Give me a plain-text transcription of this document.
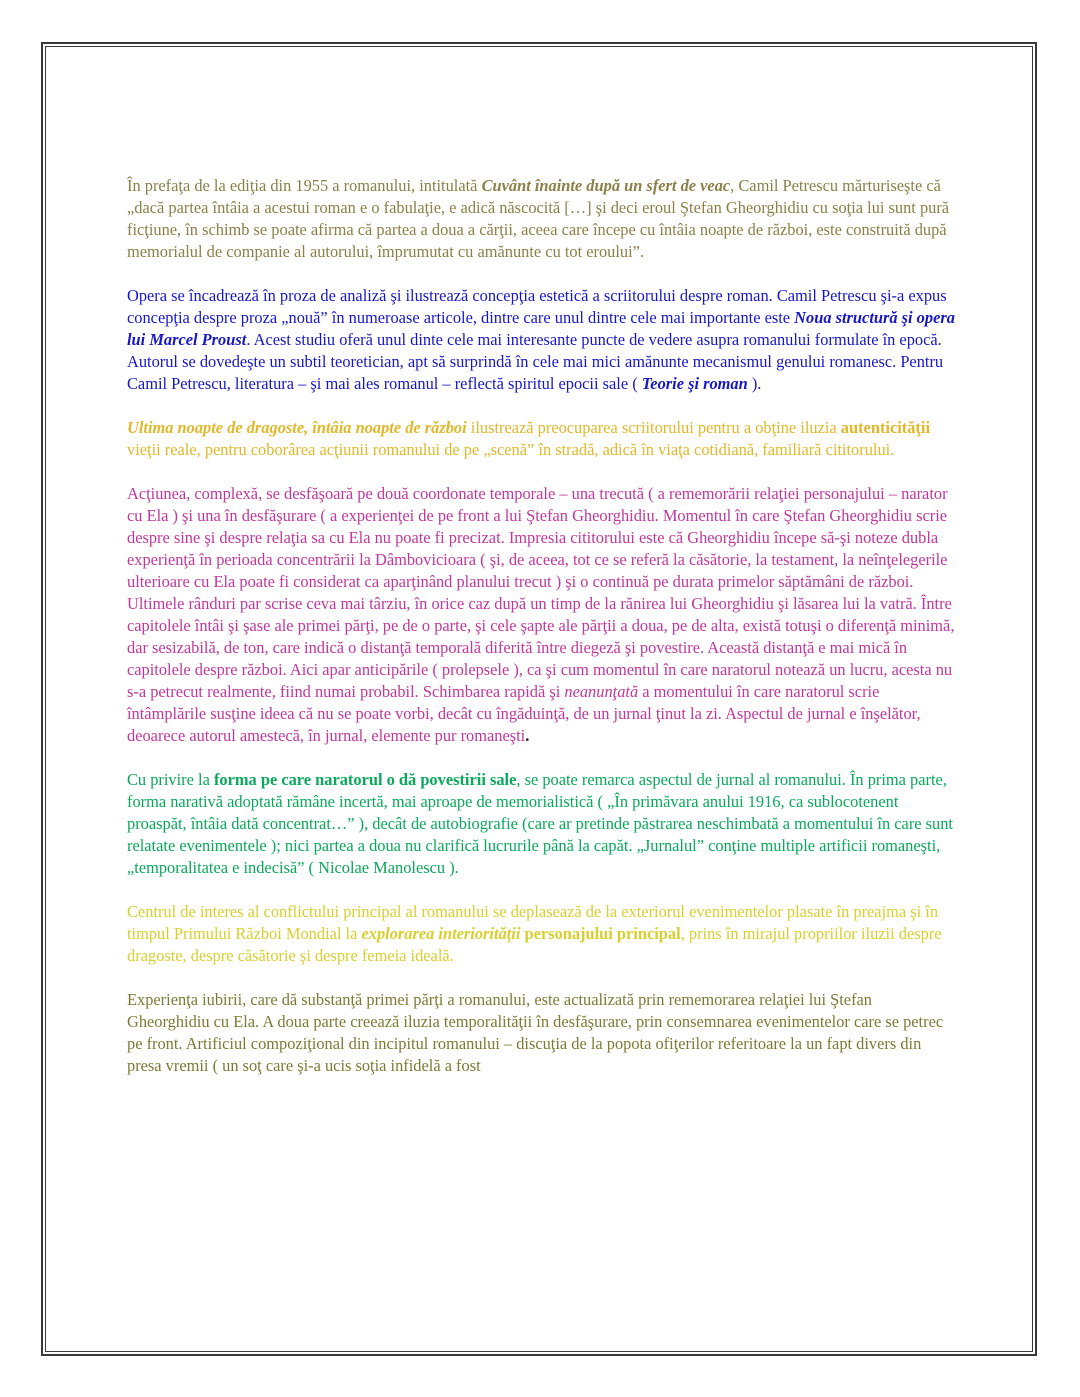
În prefaţa de la ediţia din 1955 a romanului, intitulată Cuvânt înainte după un sfert de veac, Camil Petrescu mărturiseşte că „dacă partea întâia a acestui roman e o fabulaţie, e adică născocită […] şi deci eroul Ştefan Gheorghidiu cu soţia lui sunt pură ficţiune, în schimb se poate afirma că partea a doua a cărţii, aceea care începe cu întâia noapte de război, este construită după memorialul de companie al autorului, împrumutat cu amănunte cu tot eroului”.

Opera se încadrează în proza de analiză şi ilustrează concepţia estetică a scriitorului despre roman. Camil Petrescu şi-a expus concepţia despre proza „nouă” în numeroase articole, dintre care unul dintre cele mai importante este Noua structură şi opera lui Marcel Proust. Acest studiu oferă unul dinte cele mai interesante puncte de vedere asupra romanului formulate în epocă. Autorul se dovedeşte un subtil teoretician, apt să surprindă în cele mai mici amănunte mecanismul genului romanesc. Pentru Camil Petrescu, literatura – şi mai ales romanul – reflectă spiritul epocii sale ( Teorie şi roman ).

Ultima noapte de dragoste, întâia noapte de război ilustrează preocuparea scriitorului pentru a obţine iluzia autenticităţii vieţii reale, pentru coborârea acţiunii romanului de pe „scenă” în stradă, adică în viaţa cotidiană, familiară cititorului.

Acţiunea, complexă, se desfăşoară pe două coordonate temporale – una trecută ( a rememorării relaţiei personajului – narator cu Ela ) şi una în desfăşurare ( a experienţei de pe front a lui Ştefan Gheorghidiu. Momentul în care Ştefan Gheorghidiu scrie despre sine şi despre relaţia sa cu Ela nu poate fi precizat. Impresia cititorului este că Gheorghidiu începe să-şi noteze dubla experienţă în perioada concentrării la Dâmbovicioara ( şi, de aceea, tot ce se referă la căsătorie, la testament, la neînţelegerile ulterioare cu Ela poate fi considerat ca aparţinând planului trecut ) şi o continuă pe durata primelor săptămâni de război. Ultimele rânduri par scrise ceva mai târziu, în orice caz după un timp de la rănirea lui Gheorghidiu şi lăsarea lui la vatră. Între capitolele întâi şi şase ale primei părţi, pe de o parte, şi cele şapte ale părţii a doua, pe de alta, există totuşi o diferenţă minimă, dar sesizabilă, de ton, care indică o distanţă temporală diferită între diegeză şi povestire. Această distanţă e mai mică în capitolele despre război. Aici apar anticipările ( prolepsele ), ca şi cum momentul în care naratorul notează un lucru, acesta nu s-a petrecut realmente, fiind numai probabil. Schimbarea rapidă şi neanunţată a momentului în care naratorul scrie întâmplările susţine ideea că nu se poate vorbi, decât cu îngăduinţă, de un jurnal ţinut la zi. Aspectul de jurnal e înşelător, deoarece autorul amestecă, în jurnal, elemente pur romaneşti.

Cu privire la forma pe care naratorul o dă povestirii sale, se poate remarca aspectul de jurnal al romanului. În prima parte, forma narativă adoptată rămâne incertă, mai aproape de memorialistică ( „În primăvara anului 1916, ca sublocotenent proaspăt, întâia dată concentrat…” ), decât de autobiografie (care ar pretinde păstrarea neschimbată a momentului în care sunt relatate evenimentele ); nici partea a doua nu clarifică lucrurile până la capăt. „Jurnalul” conţine multiple artificii romaneşti, „temporalitatea e indecisă” ( Nicolae Manolescu ).

Centrul de interes al conflictului principal al romanului se deplasează de la exteriorul evenimentelor plasate în preajma şi în timpul Primului Război Mondial la explorarea interiorităţii personajului principal, prins în mirajul propriilor iluzii despre dragoste, despre căsătorie şi despre femeia ideală.

Experienţa iubirii, care dă substanţă primei părţi a romanului, este actualizată prin rememorarea relaţiei lui Ştefan Gheorghidiu cu Ela. A doua parte creează iluzia temporalităţii în desfăşurare, prin consemnarea evenimentelor care se petrec pe front. Artificiul compoziţional din incipitul romanului – discuţia de la popota ofiţerilor referitoare la un fapt divers din presa vremii ( un soţ care şi-a ucis soţia infidelă a fost
